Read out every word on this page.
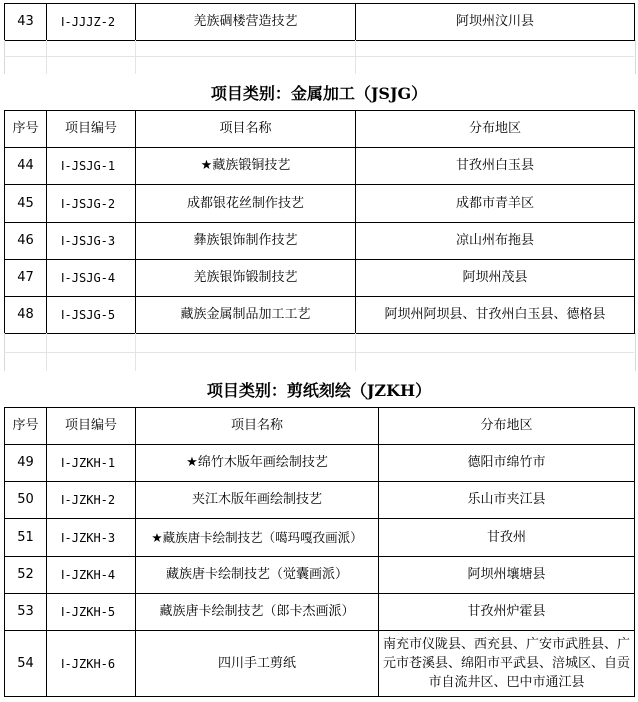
43	Ⅰ-JJJZ-2	羌族碉楼营造技艺	阿坝州汶川县
项目类别：金属加工（JSJG）
序号	项目编号	项目名称	分布地区
44	Ⅰ-JSJG-1	★藏族锻铜技艺	甘孜州白玉县
45	Ⅰ-JSJG-2	成都银花丝制作技艺	成都市青羊区
46	Ⅰ-JSJG-3	彝族银饰制作技艺	凉山州布拖县
47	Ⅰ-JSJG-4	羌族银饰锻制技艺	阿坝州茂县
48	Ⅰ-JSJG-5	藏族金属制品加工工艺	阿坝州阿坝县、甘孜州白玉县、德格县
项目类别：剪纸刻绘（JZKH）
序号	项目编号	项目名称	分布地区
49	Ⅰ-JZKH-1	★绵竹木版年画绘制技艺	德阳市绵竹市
50	Ⅰ-JZKH-2	夹江木版年画绘制技艺	乐山市夹江县
51	Ⅰ-JZKH-3	★藏族唐卡绘制技艺（噶玛嘎孜画派）	甘孜州
52	Ⅰ-JZKH-4	藏族唐卡绘制技艺（觉囊画派）	阿坝州壤塘县
53	Ⅰ-JZKH-5	藏族唐卡绘制技艺（郎卡杰画派）	甘孜州炉霍县
54	Ⅰ-JZKH-6	四川手工剪纸	南充市仪陇县、西充县、广安市武胜县、广元市苍溪县、绵阳市平武县、涪城区、自贡市自流井区、巴中市通江县
